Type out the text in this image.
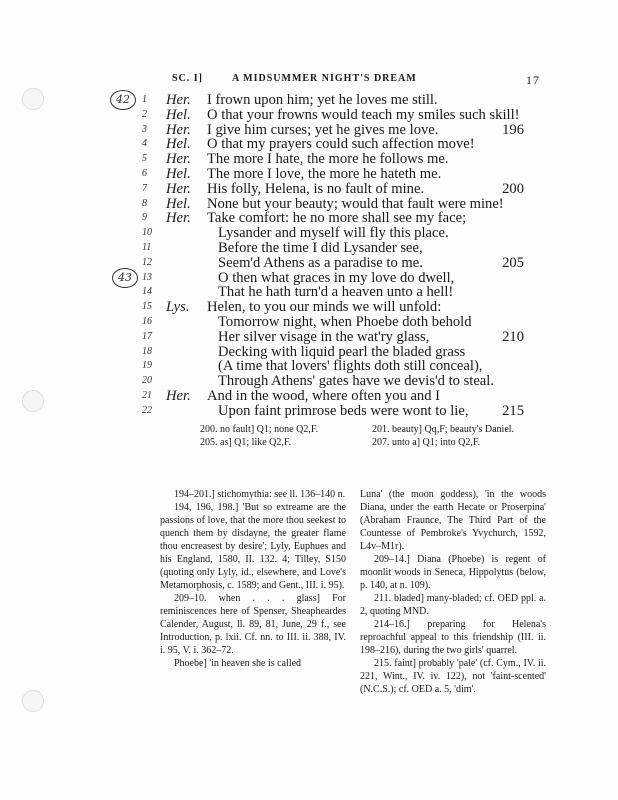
SC. I]	A MIDSUMMER NIGHT'S DREAM	17
42
43
1 Her. I frown upon him; yet he loves me still.
2 Hel. O that your frowns would teach my smiles such skill!
3 Her. I give him curses; yet he gives me love.	196
4 Hel. O that my prayers could such affection move!
5 Her. The more I hate, the more he follows me.
6 Hel. The more I love, the more he hateth me.
7 Her. His folly, Helena, is no fault of mine.	200
8 Hel. None but your beauty; would that fault were mine!
9 Her. Take comfort: he no more shall see my face;
10	Lysander and myself will fly this place.
11	Before the time I did Lysander see,
12	Seem'd Athens as a paradise to me.	205
13	O then what graces in my love do dwell,
14	That he hath turn'd a heaven unto a hell!
15 Lys. Helen, to you our minds we will unfold:
16	Tomorrow night, when Phoebe doth behold
17	Her silver visage in the wat'ry glass,	210
18	Decking with liquid pearl the bladed grass
19	(A time that lovers' flights doth still conceal),
20	Through Athens' gates have we devis'd to steal.
21 Her. And in the wood, where often you and I
22	Upon faint primrose beds were wont to lie, 215
200. no fault] Q1; none Q2,F.	201. beauty] Qq,F; beauty's Daniel.
205. as] Q1; like Q2,F.	207. unto a] Q1; into Q2,F.

194–201.] stichomythia: see ll. 136–140 n.

194, 196, 198.] 'But so extreame are the passions of love, that the more thou seekest to quench them by disdayne, the greater flame thou encreasest by desire'; Lyly, Euphues and his England, 1580, II. 132. 4; Tilley, S150 (quoting only Lyly, id., elsewhere, and Love's Metamorphosis, c. 1589; and Gent., III. i. 95).

209–10. when . . . glass] For reminiscences here of Spenser, Sheapheardes Calender, August, ll. 89, 81, June, 29 f., see Introduction, p. lxii. Cf. nn. to III. ii. 388, IV. i. 95, V. i. 362–72.

Phoebe] 'in heaven she is called

Luna' (the moon goddess), 'in the woods Diana, under the earth Hecate or Proserpina' (Abraham Fraunce, The Third Part of the Countesse of Pembroke's Yvychurch, 1592, L4v–M1r).

209–14.] Diana (Phoebe) is regent of moonlit woods in Seneca, Hippolytus (below, p. 140, at n. 109).

211. bladed] many-bladed; cf. OED ppl. a. 2, quoting MND.

214–16.] preparing for Helena's reproachful appeal to this friendship (III. ii. 198–216), during the two girls' quarrel.

215. faint] probably 'pale' (cf. Cym., IV. ii. 221, Wint., IV. iv. 122), not 'faint-scented' (N.C.S.); cf. OED a. 5, 'dim'.
